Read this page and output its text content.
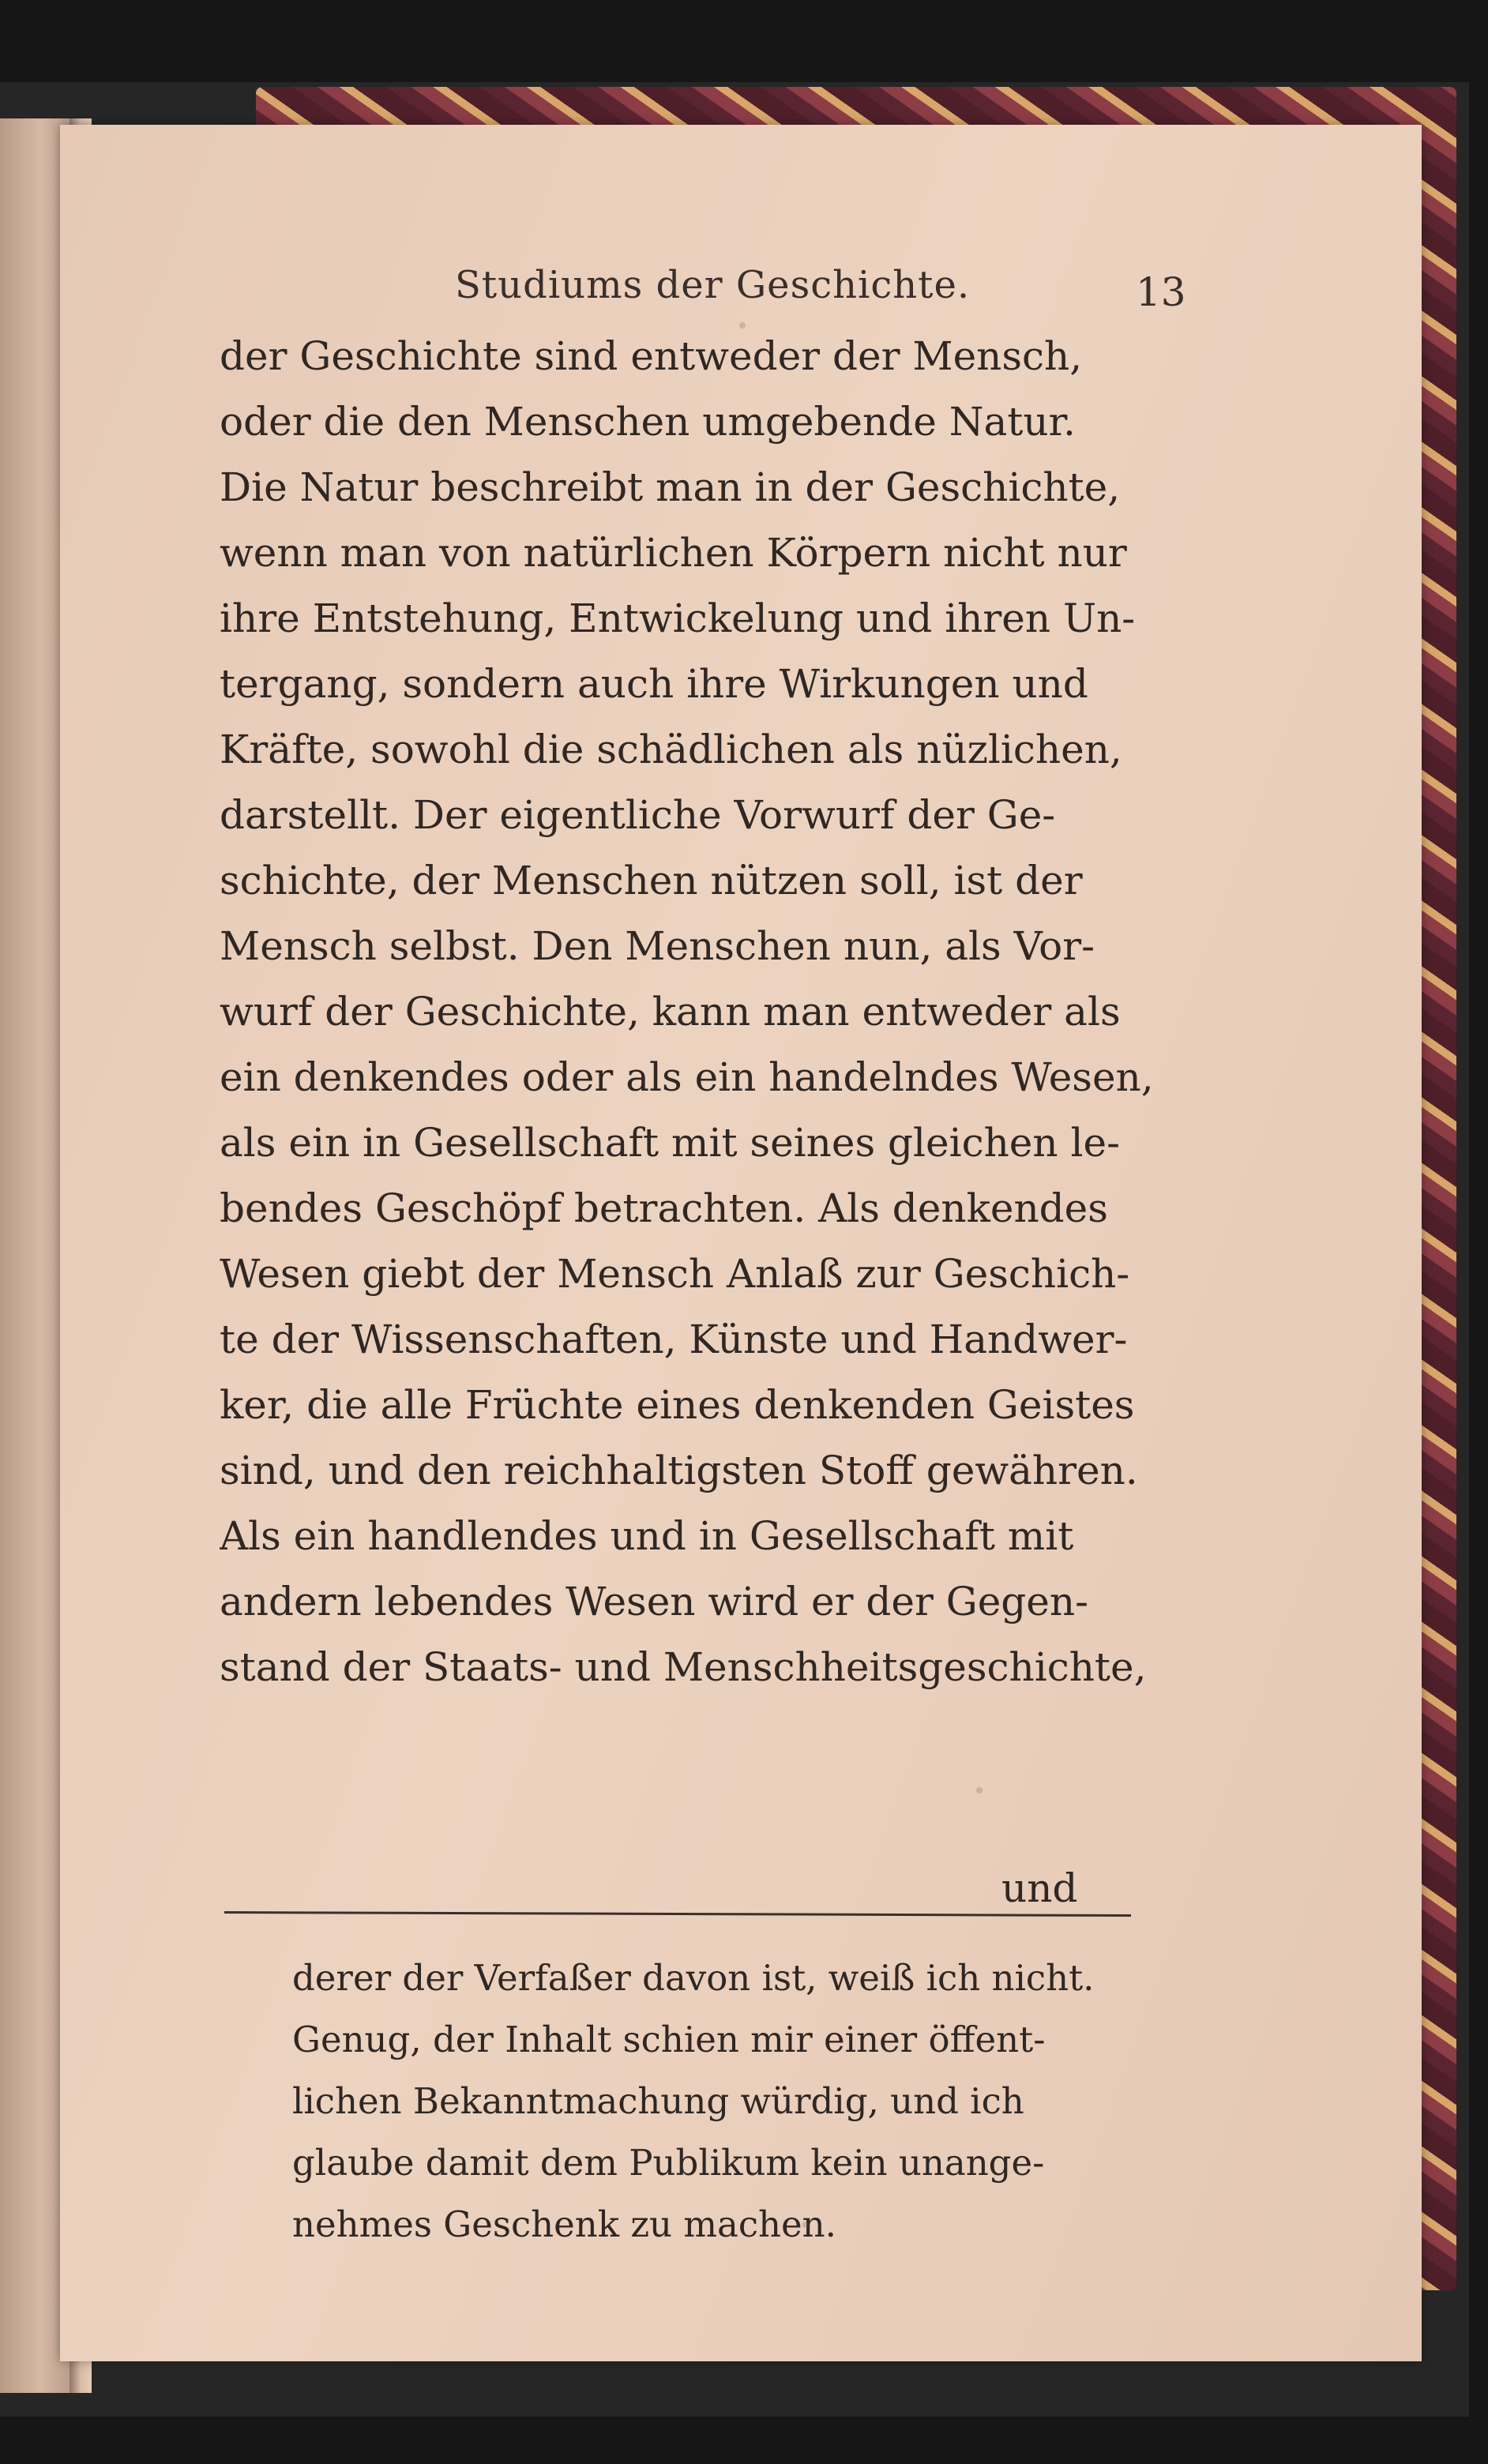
Studiums der Geschichte.	13
der Geschichte sind entweder der Mensch,
oder die den Menschen umgebende Natur.
Die Natur beschreibt man in der Geschichte,
wenn man von natürlichen Körpern nicht nur
ihre Entstehung, Entwickelung und ihren Un-
tergang, sondern auch ihre Wirkungen und
Kräfte, sowohl die schädlichen als nüzlichen,
darstellt. Der eigentliche Vorwurf der Ge-
schichte, der Menschen nützen soll, ist der
Mensch selbst. Den Menschen nun, als Vor-
wurf der Geschichte, kann man entweder als
ein denkendes oder als ein handelndes Wesen,
als ein in Gesellschaft mit seines gleichen le-
bendes Geschöpf betrachten. Als denkendes
Wesen giebt der Mensch Anlaß zur Geschich-
te der Wissenschaften, Künste und Handwer-
ker, die alle Früchte eines denkenden Geistes
sind, und den reichhaltigsten Stoff gewähren.
Als ein handlendes und in Gesellschaft mit
andern lebendes Wesen wird er der Gegen-
stand der Staats- und Menschheitsgeschichte,
und
derer der Verfaßer davon ist, weiß ich nicht.
Genug, der Inhalt schien mir einer öffent-
lichen Bekanntmachung würdig, und ich
glaube damit dem Publikum kein unange-
nehmes Geschenk zu machen.
